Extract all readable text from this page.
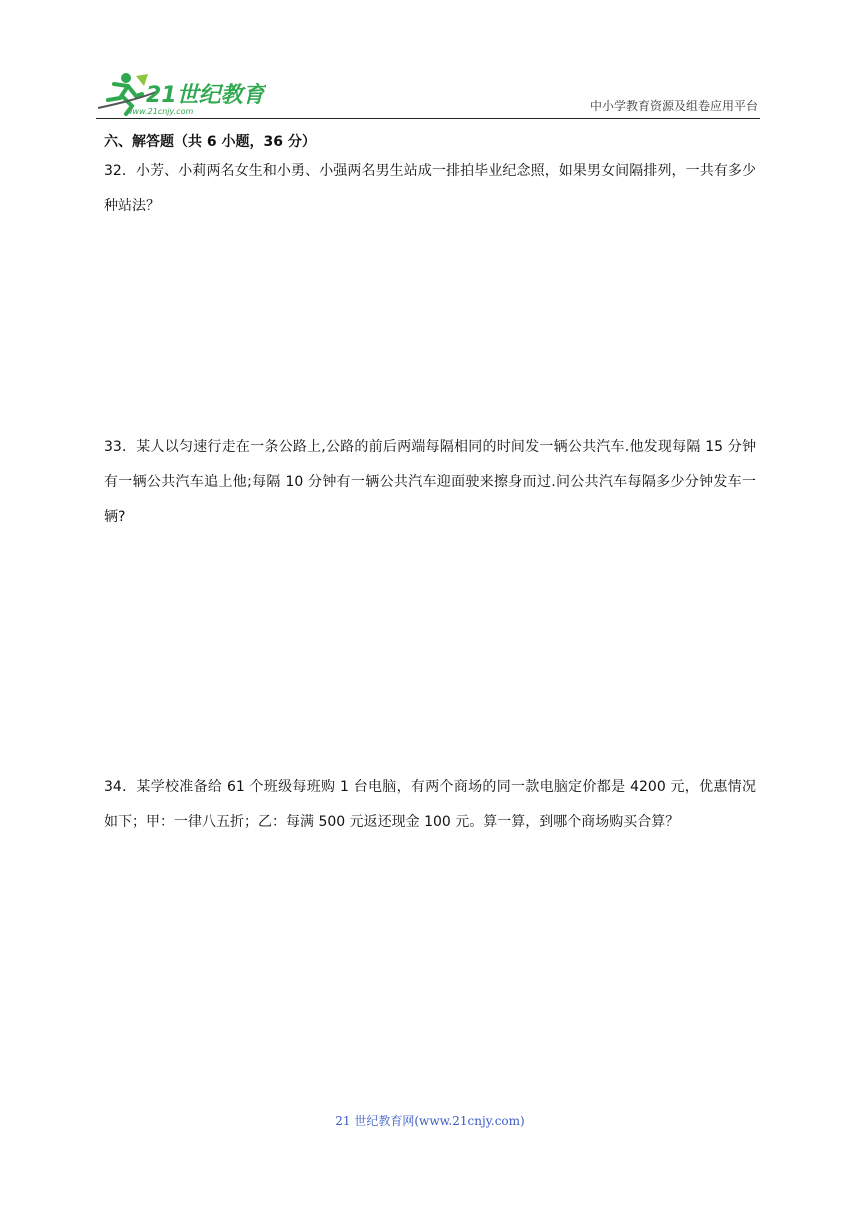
21世纪教育
www.21cnjy.com	中小学教育资源及组卷应用平台
六、解答题（共 6 小题，36 分）
32．小芳、小莉两名女生和小勇、小强两名男生站成一排拍毕业纪念照，如果男女间隔排列，一共有多少种站法？
33．某人以匀速行走在一条公路上,公路的前后两端每隔相同的时间发一辆公共汽车.他发现每隔 15 分钟有一辆公共汽车追上他;每隔 10 分钟有一辆公共汽车迎面驶来擦身而过.问公共汽车每隔多少分钟发车一辆?
34．某学校准备给 61 个班级每班购 1 台电脑，有两个商场的同一款电脑定价都是 4200 元，优惠情况如下；甲：一律八五折；乙：每满 500 元返还现金 100 元。算一算，到哪个商场购买合算？
21 世纪教育网(www.21cnjy.com)
